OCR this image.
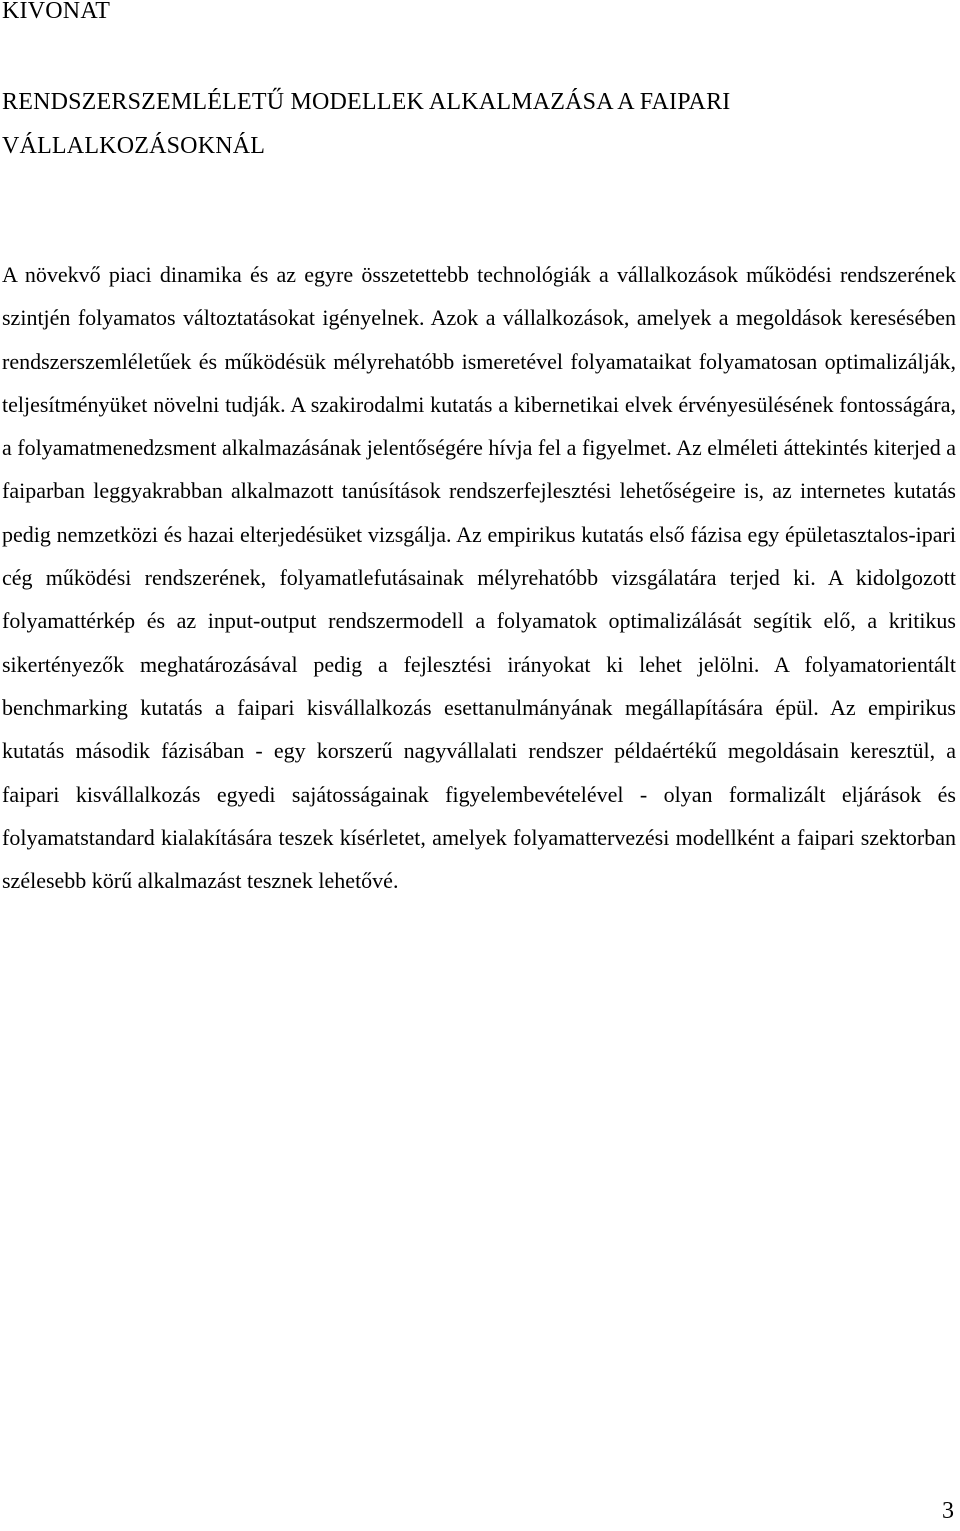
KIVONAT
RENDSZERSZEMLÉLETŰ MODELLEK ALKALMAZÁSA A FAIPARI VÁLLALKOZÁSOKNÁL

A növekvő piaci dinamika és az egyre összetettebb technológiák a vállalkozások működési rendszerének szintjén folyamatos változtatásokat igényelnek. Azok a vállalkozások, amelyek a megoldások keresésében rendszerszemléletűek és működésük mélyrehatóbb ismeretével folyamataikat folyamatosan optimalizálják, teljesítményüket növelni tudják. A szakirodalmi kutatás a kibernetikai elvek érvényesülésének fontosságára, a folyamatmenedzsment alkalmazásának jelentőségére hívja fel a figyelmet. Az elméleti áttekintés kiterjed a faiparban leggyakrabban alkalmazott tanúsítások rendszerfejlesztési lehetőségeire is, az internetes kutatás pedig nemzetközi és hazai elterjedésüket vizsgálja. Az empirikus kutatás első fázisa egy épületasztalos-ipari cég működési rendszerének, folyamatlefutásainak mélyrehatóbb vizsgálatára terjed ki. A kidolgozott folyamattérkép és az input-output rendszermodell a folyamatok optimalizálását segítik elő, a kritikus sikertényezők meghatározásával pedig a fejlesztési irányokat ki lehet jelölni. A folyamatorientált benchmarking kutatás a faipari kisvállalkozás esettanulmányának megállapítására épül. Az empirikus kutatás második fázisában - egy korszerű nagyvállalati rendszer példaértékű megoldásain keresztül, a faipari kisvállalkozás egyedi sajátosságainak figyelembevételével - olyan formalizált eljárások és folyamatstandard kialakítására teszek kísérletet, amelyek folyamattervezési modellként a faipari szektorban szélesebb körű alkalmazást tesznek lehetővé.

3
